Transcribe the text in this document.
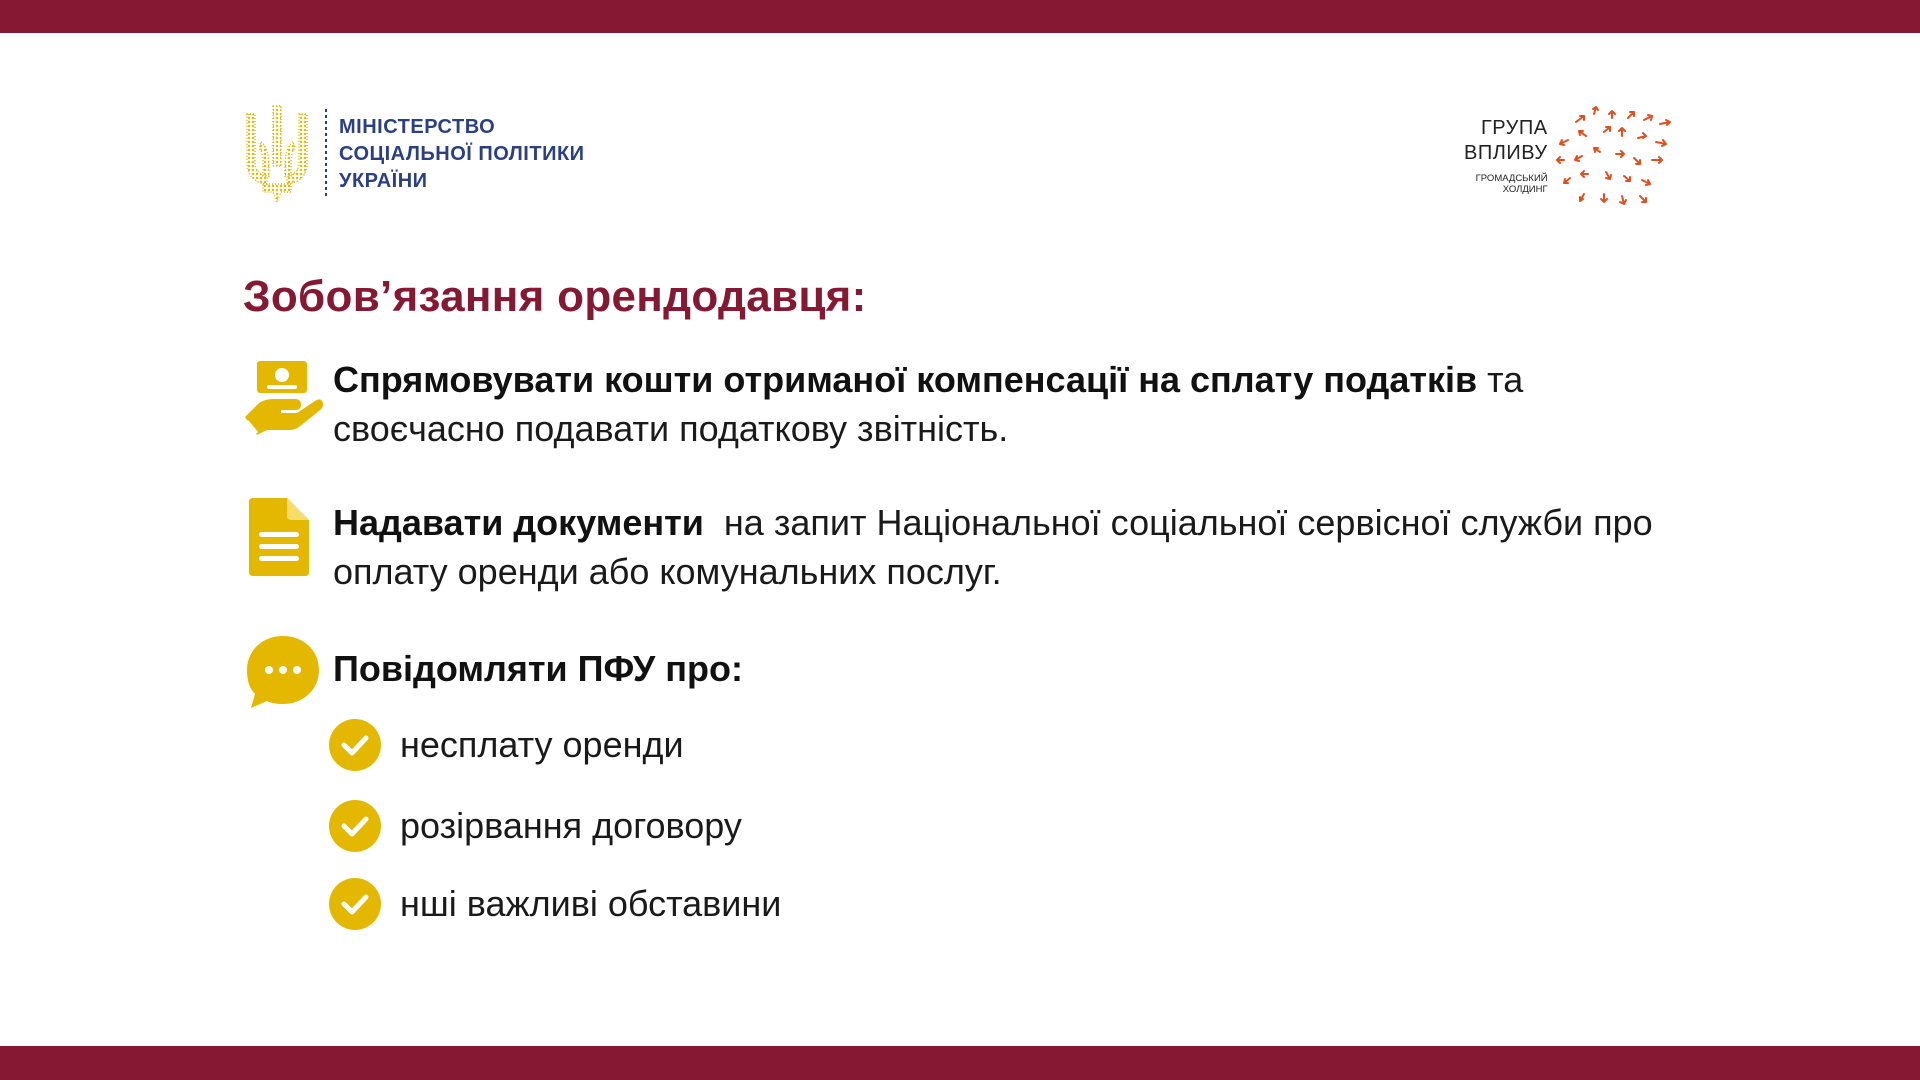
МІНІСТЕРСТВО
СОЦІАЛЬНОЇ ПОЛІТИКИ
УКРАЇНИ
ГРУПА
ВПЛИВУ
ГРОМАДСЬКИЙ
ХОЛДИНГ
Зобов’язання орендодавця:
Спрямовувати кошти отриманої компенсації на сплату податків та своєчасно подавати податкову звітність.
Надавати документи на запит Національної соціальної сервісної служби про оплату оренди або комунальних послуг.
Повідомляти ПФУ про:
несплату оренди
розірвання договору
нші важливі обставини
